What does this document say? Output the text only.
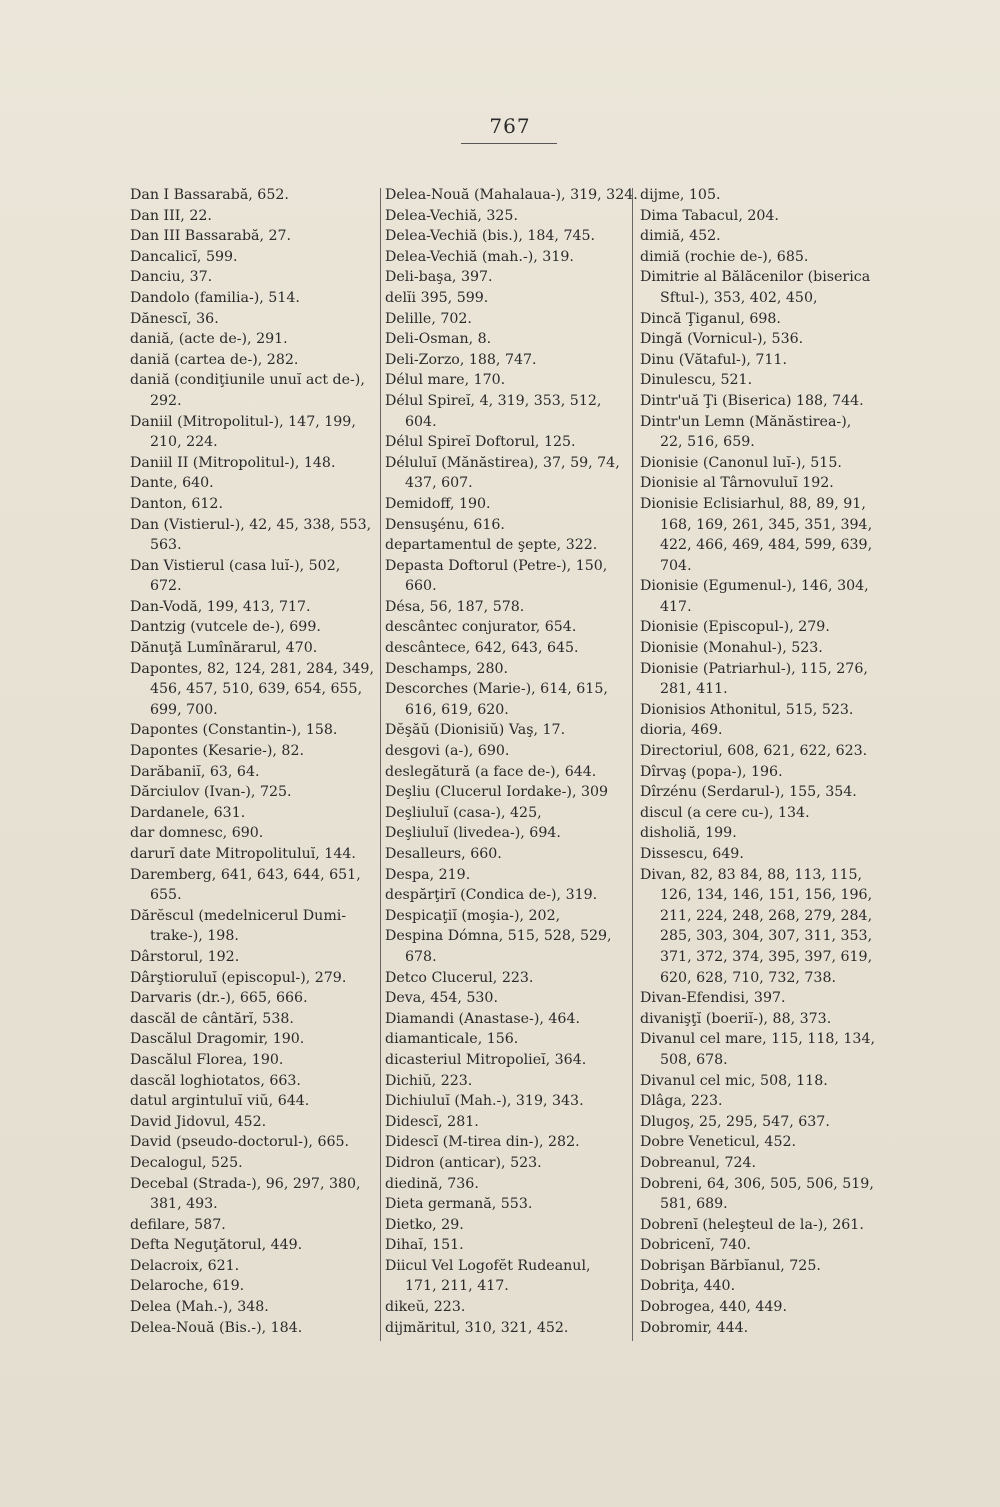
767
Dan I Bassarabă, 652.
Dan III, 22.
Dan III Bassarabă, 27.
Dancalicĭ, 599.
Danciu, 37.
Dandolo (familia-), 514.
Dănescĭ, 36.
daniă, (acte de-), 291.
daniă (cartea de-), 282.
daniă (condiţiunile unuĭ act de-),
292.
Daniil (Mitropolitul-), 147, 199,
210, 224.
Daniil II (Mitropolitul-), 148.
Dante, 640.
Danton, 612.
Dan (Vistierul-), 42, 45, 338, 553,
563.
Dan Vistierul (casa luĭ-), 502,
672.
Dan-Vodă, 199, 413, 717.
Dantzig (vutcele de-), 699.
Dănuţă Lumînărarul, 470.
Dapontes, 82, 124, 281, 284, 349,
456, 457, 510, 639, 654, 655,
699, 700.
Dapontes (Constantin-), 158.
Dapontes (Kesarie-), 82.
Darăbaniĭ, 63, 64.
Dărciulov (Ivan-), 725.
Dardanele, 631.
dar domnesc, 690.
darurĭ date Mitropolituluĭ, 144.
Daremberg, 641, 643, 644, 651,
655.
Dărĕscul (medelnicerul Dumi-
trake-), 198.
Dârstorul, 192.
Dârştioruluĭ (episcopul-), 279.
Darvaris (dr.-), 665, 666.
dascăl de cântărĭ, 538.
Dascălul Dragomir, 190.
Dascălul Florea, 190.
dascăl loghiotatos, 663.
datul argintuluĭ viŭ, 644.
David Jidovul, 452.
David (pseudo-doctorul-), 665.
Decalogul, 525.
Decebal (Strada-), 96, 297, 380,
381, 493.
defilare, 587.
Defta Neguţătorul, 449.
Delacroix, 621.
Delaroche, 619.
Delea (Mah.-), 348.
Delea-Nouă (Bis.-), 184.
Delea-Nouă (Mahalaua-), 319, 324.
Delea-Vechiă, 325.
Delea-Vechiă (bis.), 184, 745.
Delea-Vechiă (mah.-), 319.
Deli-başa, 397.
delĭi 395, 599.
Delille, 702.
Deli-Osman, 8.
Deli-Zorzo, 188, 747.
Délul mare, 170.
Délul Spireĭ, 4, 319, 353, 512,
604.
Délul Spireĭ Doftorul, 125.
Déluluĭ (Mănăstirea), 37, 59, 74,
437, 607.
Demidoff, 190.
Densuşénu, 616.
departamentul de şepte, 322.
Depasta Doftorul (Petre-), 150,
660.
Désa, 56, 187, 578.
descântec conjurator, 654.
descântece, 642, 643, 645.
Deschamps, 280.
Descorches (Marie-), 614, 615,
616, 619, 620.
Dĕşăŭ (Dionisiŭ) Vaş, 17.
desgovi (a-), 690.
deslegătură (a face de-), 644.
Deşliu (Clucerul Iordake-), 309
Deşliuluĭ (casa-), 425,
Deşliuluĭ (livedea-), 694.
Desalleurs, 660.
Despa, 219.
despărţirĭ (Condica de-), 319.
Despicaţiĭ (moşia-), 202,
Despina Dómna, 515, 528, 529,
678.
Detco Clucerul, 223.
Deva, 454, 530.
Diamandi (Anastase-), 464.
diamanticale, 156.
dicasteriul Mitropolieĭ, 364.
Dichiŭ, 223.
Dichiuluĭ (Mah.-), 319, 343.
Didescĭ, 281.
Didescĭ (M-tirea din-), 282.
Didron (anticar), 523.
diedină, 736.
Dieta germană, 553.
Dietko, 29.
Dihaĭ, 151.
Diicul Vel Logofĕt Rudeanul,
171, 211, 417.
dikeŭ, 223.
dijmăritul, 310, 321, 452.
dijme, 105.
Dima Tabacul, 204.
dimiă, 452.
dimiă (rochie de-), 685.
Dimitrie al Bălăcenilor (biserica
Sftul-), 353, 402, 450,
Dincă Ţiganul, 698.
Dingă (Vornicul-), 536.
Dinu (Vătaful-), 711.
Dinulescu, 521.
Dintr'uă Ţi (Biserica) 188, 744.
Dintr'un Lemn (Mănăstirea-),
22, 516, 659.
Dionisie (Canonul luĭ-), 515.
Dionisie al Târnovuluĭ 192.
Dionisie Eclisiarhul, 88, 89, 91,
168, 169, 261, 345, 351, 394,
422, 466, 469, 484, 599, 639,
704.
Dionisie (Egumenul-), 146, 304,
417.
Dionisie (Episcopul-), 279.
Dionisie (Monahul-), 523.
Dionisie (Patriarhul-), 115, 276,
281, 411.
Dionisios Athonitul, 515, 523.
dioria, 469.
Directoriul, 608, 621, 622, 623.
Dîrvaş (popa-), 196.
Dîrzénu (Serdarul-), 155, 354.
discul (a cere cu-), 134.
disholiă, 199.
Dissescu, 649.
Divan, 82, 83 84, 88, 113, 115,
126, 134, 146, 151, 156, 196,
211, 224, 248, 268, 279, 284,
285, 303, 304, 307, 311, 353,
371, 372, 374, 395, 397, 619,
620, 628, 710, 732, 738.
Divan-Efendisi, 397.
divanişţĭ (boeriĭ-), 88, 373.
Divanul cel mare, 115, 118, 134,
508, 678.
Divanul cel mic, 508, 118.
Dlâga, 223.
Dlugoş, 25, 295, 547, 637.
Dobre Veneticul, 452.
Dobreanul, 724.
Dobreni, 64, 306, 505, 506, 519,
581, 689.
Dobrenĭ (heleşteul de la-), 261.
Dobricenĭ, 740.
Dobrişan Bărbĭanul, 725.
Dobriţa, 440.
Dobrogea, 440, 449.
Dobromir, 444.
